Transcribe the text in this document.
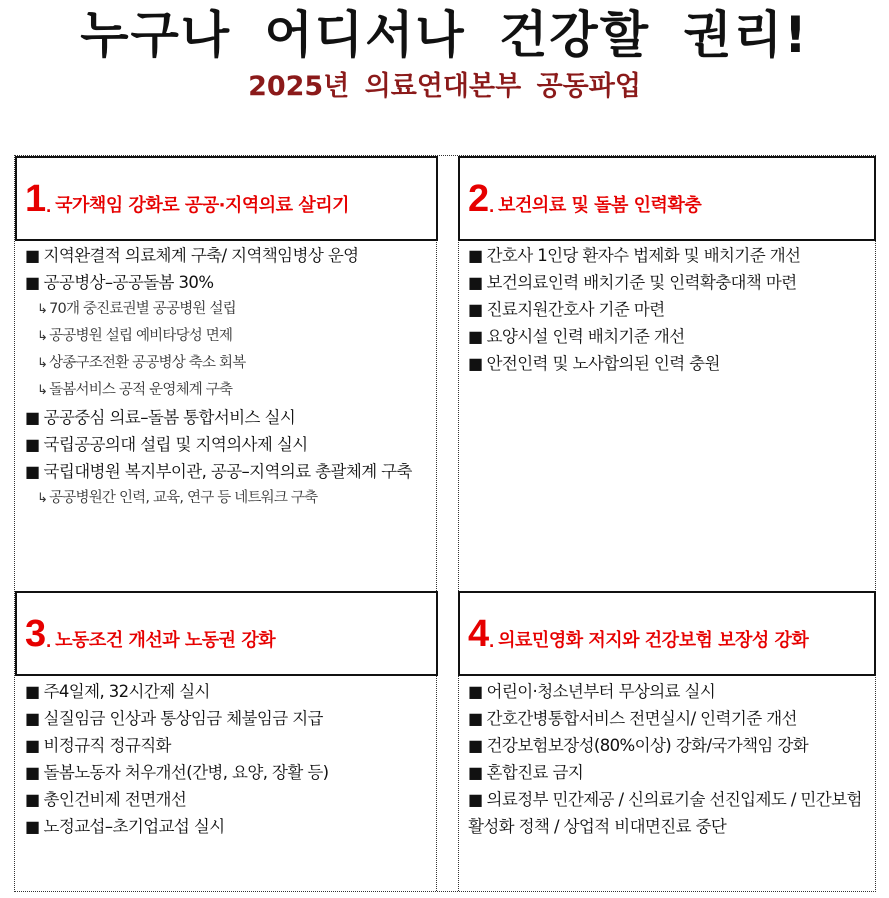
누구나 어디서나 건강할 권리!
2025년 의료연대본부 공동파업
1 . 국가책임 강화로 공공·지역의료 살리기
■ 지역완결적 의료체계 구축/ 지역책임병상 운영
■ 공공병상–공공돌봄 30%
↳ 70개 중진료권별 공공병원 설립
↳ 공공병원 설립 예비타당성 면제
↳ 상종구조전환 공공병상 축소 회복
↳ 돌봄서비스 공적 운영체계 구축
■ 공공중심 의료–돌봄 통합서비스 실시
■ 국립공공의대 설립 및 지역의사제 실시
■ 국립대병원 복지부이관, 공공–지역의료 총괄체계 구축
↳ 공공병원간 인력, 교육, 연구 등 네트워크 구축
2 . 보건의료 및 돌봄 인력확충
■ 간호사 1인당 환자수 법제화 및 배치기준 개선
■ 보건의료인력 배치기준 및 인력확충대책 마련
■ 진료지원간호사 기준 마련
■ 요양시설 인력 배치기준 개선
■ 안전인력 및 노사합의된 인력 충원
3 . 노동조건 개선과 노동권 강화
■ 주4일제, 32시간제 실시
■ 실질임금 인상과 통상임금 체불임금 지급
■ 비정규직 정규직화
■ 돌봄노동자 처우개선(간병, 요양, 장활 등)
■ 총인건비제 전면개선
■ 노정교섭–초기업교섭 실시
4 . 의료민영화 저지와 건강보험 보장성 강화
■ 어린이·청소년부터 무상의료 실시
■ 간호간병통합서비스 전면실시/ 인력기준 개선
■ 건강보험보장성(80%이상) 강화/국가책임 강화
■ 혼합진료 금지
■ 의료정부 민간제공 / 신의료기술 선진입제도 / 민간보험 활성화 정책 / 상업적 비대면진료 중단
